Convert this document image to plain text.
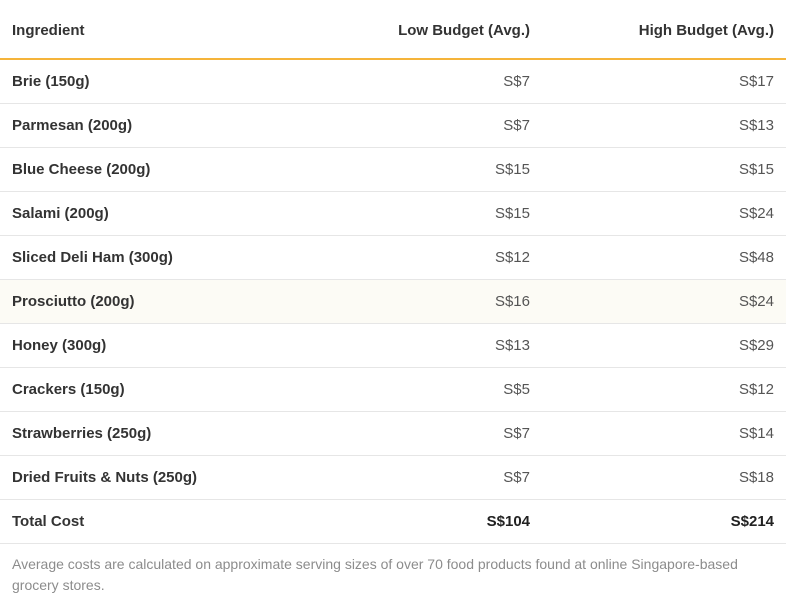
Ingredient	Low Budget (Avg.)	High Budget (Avg.)
Brie (150g)	S$7	S$17
Parmesan (200g)	S$7	S$13
Blue Cheese (200g)	S$15	S$15
Salami (200g)	S$15	S$24
Sliced Deli Ham (300g)	S$12	S$48
Prosciutto (200g)	S$16	S$24
Honey (300g)	S$13	S$29
Crackers (150g)	S$5	S$12
Strawberries (250g)	S$7	S$14
Dried Fruits & Nuts (250g)	S$7	S$18
Total Cost	S$104	S$214
Average costs are calculated on approximate serving sizes of over 70 food products found at online Singapore-based grocery stores.
